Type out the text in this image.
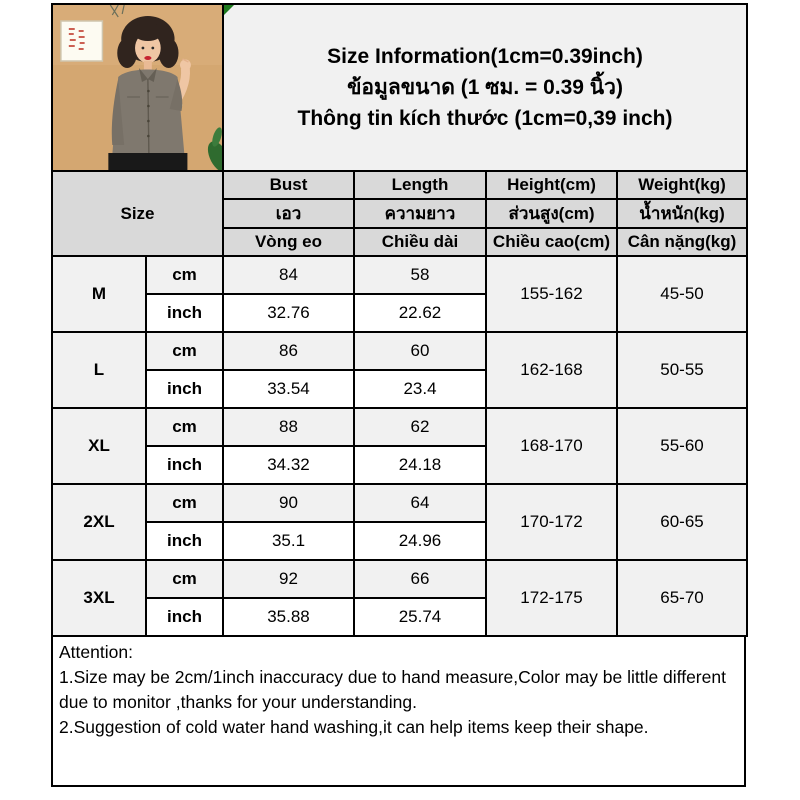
Size Information(1cm=0.39inch)
ข้อมูลขนาด (1 ซม. = 0.39 นิ้ว)
Thông tin kích thước (1cm=0,39 inch)			

Size		Bust	Length	Height(cm)	Weight(kg)
		เอว	ความยาว	ส่วนสูง(cm)	น้ำหนัก(kg)
		Vòng eo	Chiều dài	Chiều cao(cm)	Cân nặng(kg)
M	cm	84	58	155-162	45-50
	inch	32.76	22.62		
L	cm	86	60	162-168	50-55
	inch	33.54	23.4		
XL	cm	88	62	168-170	55-60
	inch	34.32	24.18		
2XL	cm	90	64	170-172	60-65
	inch	35.1	24.96		
3XL	cm	92	66	172-175	65-70
	inch	35.88	25.74		
Attention:
1.Size may be 2cm/1inch inaccuracy due to hand measure,Color may be little different due to monitor ,thanks for your understanding.
2.Suggestion of cold water hand washing,it can help items keep their shape.
